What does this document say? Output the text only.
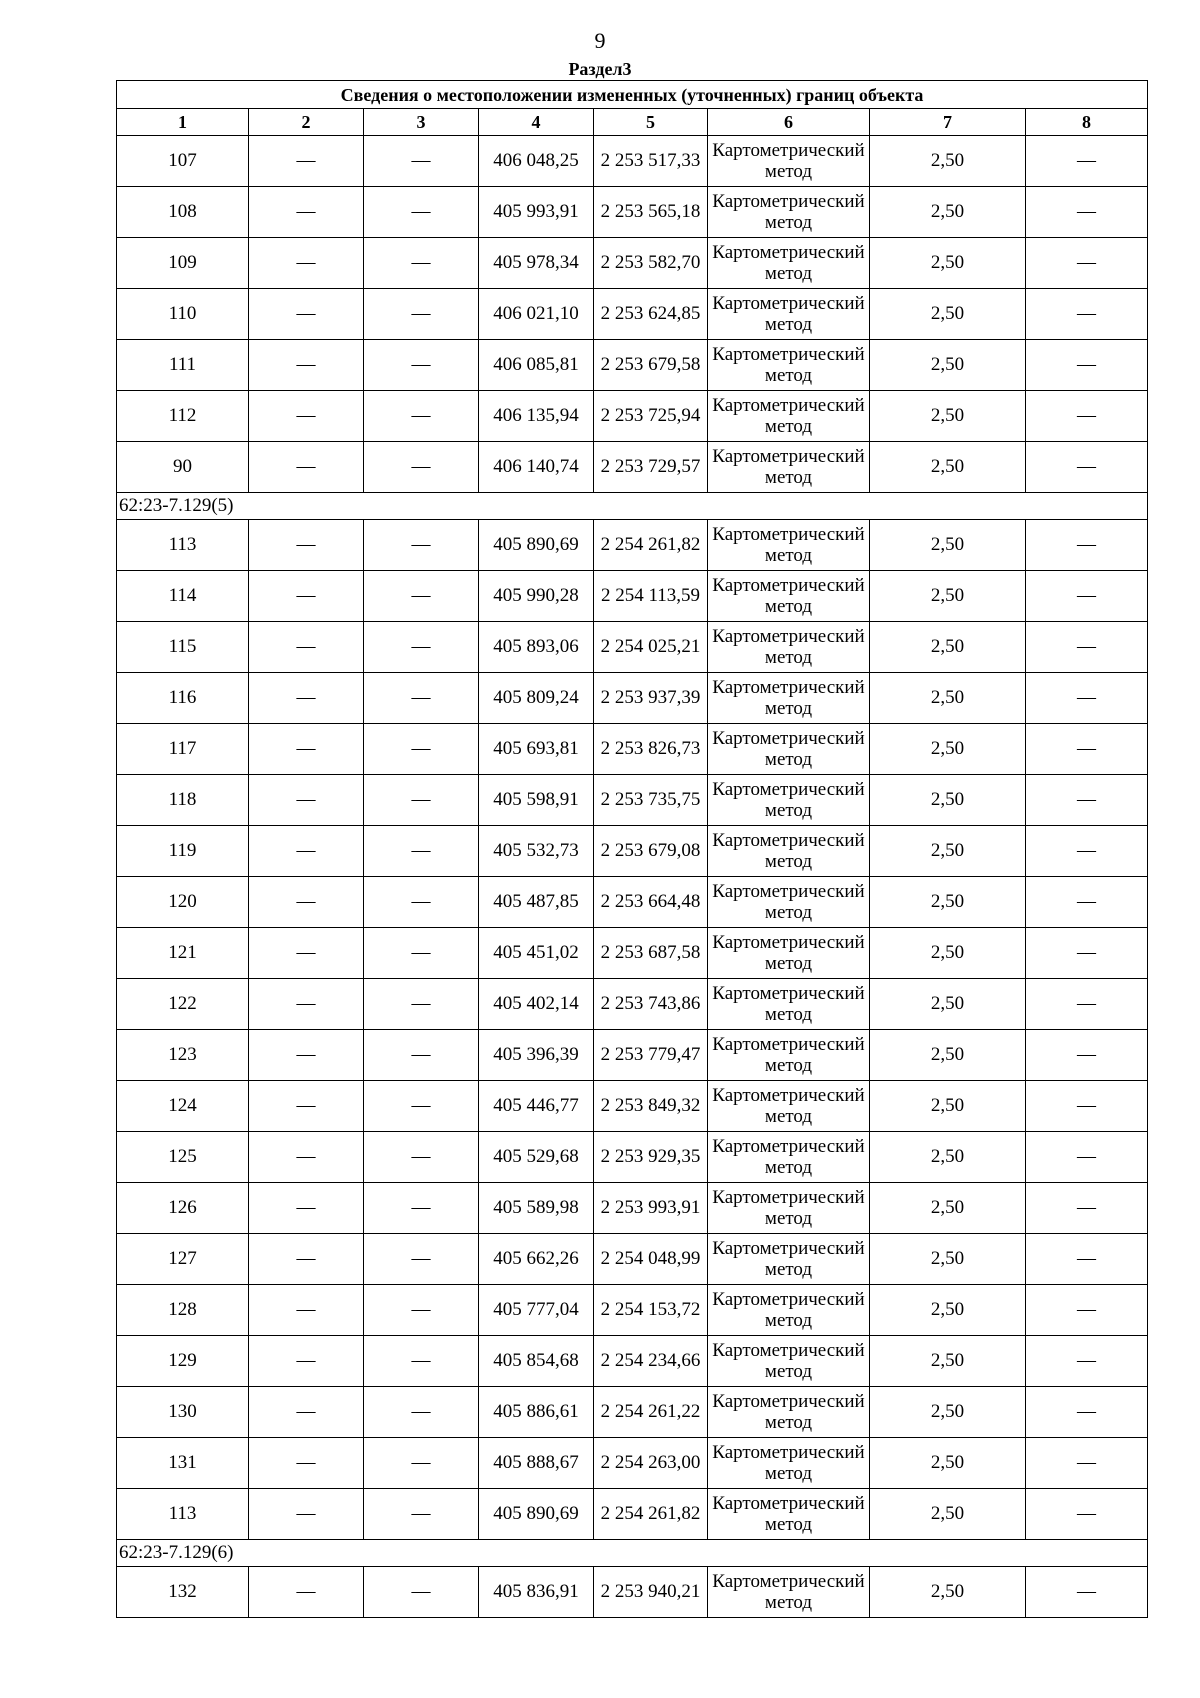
9
Раздел3
Сведения о местоположении измененных (уточненных) границ объекта							
1	2	3	4	5	6	7	8
107	—	—	406 048,25	2 253 517,33	Картометрический метод	2,50	—
108	—	—	405 993,91	2 253 565,18	Картометрический метод	2,50	—
109	—	—	405 978,34	2 253 582,70	Картометрический метод	2,50	—
110	—	—	406 021,10	2 253 624,85	Картометрический метод	2,50	—
111	—	—	406 085,81	2 253 679,58	Картометрический метод	2,50	—
112	—	—	406 135,94	2 253 725,94	Картометрический метод	2,50	—
90	—	—	406 140,74	2 253 729,57	Картометрический метод	2,50	—
62:23-7.129(5)							
113	—	—	405 890,69	2 254 261,82	Картометрический метод	2,50	—
114	—	—	405 990,28	2 254 113,59	Картометрический метод	2,50	—
115	—	—	405 893,06	2 254 025,21	Картометрический метод	2,50	—
116	—	—	405 809,24	2 253 937,39	Картометрический метод	2,50	—
117	—	—	405 693,81	2 253 826,73	Картометрический метод	2,50	—
118	—	—	405 598,91	2 253 735,75	Картометрический метод	2,50	—
119	—	—	405 532,73	2 253 679,08	Картометрический метод	2,50	—
120	—	—	405 487,85	2 253 664,48	Картометрический метод	2,50	—
121	—	—	405 451,02	2 253 687,58	Картометрический метод	2,50	—
122	—	—	405 402,14	2 253 743,86	Картометрический метод	2,50	—
123	—	—	405 396,39	2 253 779,47	Картометрический метод	2,50	—
124	—	—	405 446,77	2 253 849,32	Картометрический метод	2,50	—
125	—	—	405 529,68	2 253 929,35	Картометрический метод	2,50	—
126	—	—	405 589,98	2 253 993,91	Картометрический метод	2,50	—
127	—	—	405 662,26	2 254 048,99	Картометрический метод	2,50	—
128	—	—	405 777,04	2 254 153,72	Картометрический метод	2,50	—
129	—	—	405 854,68	2 254 234,66	Картометрический метод	2,50	—
130	—	—	405 886,61	2 254 261,22	Картометрический метод	2,50	—
131	—	—	405 888,67	2 254 263,00	Картометрический метод	2,50	—
113	—	—	405 890,69	2 254 261,82	Картометрический метод	2,50	—
62:23-7.129(6)							
132	—	—	405 836,91	2 253 940,21	Картометрический метод	2,50	—
